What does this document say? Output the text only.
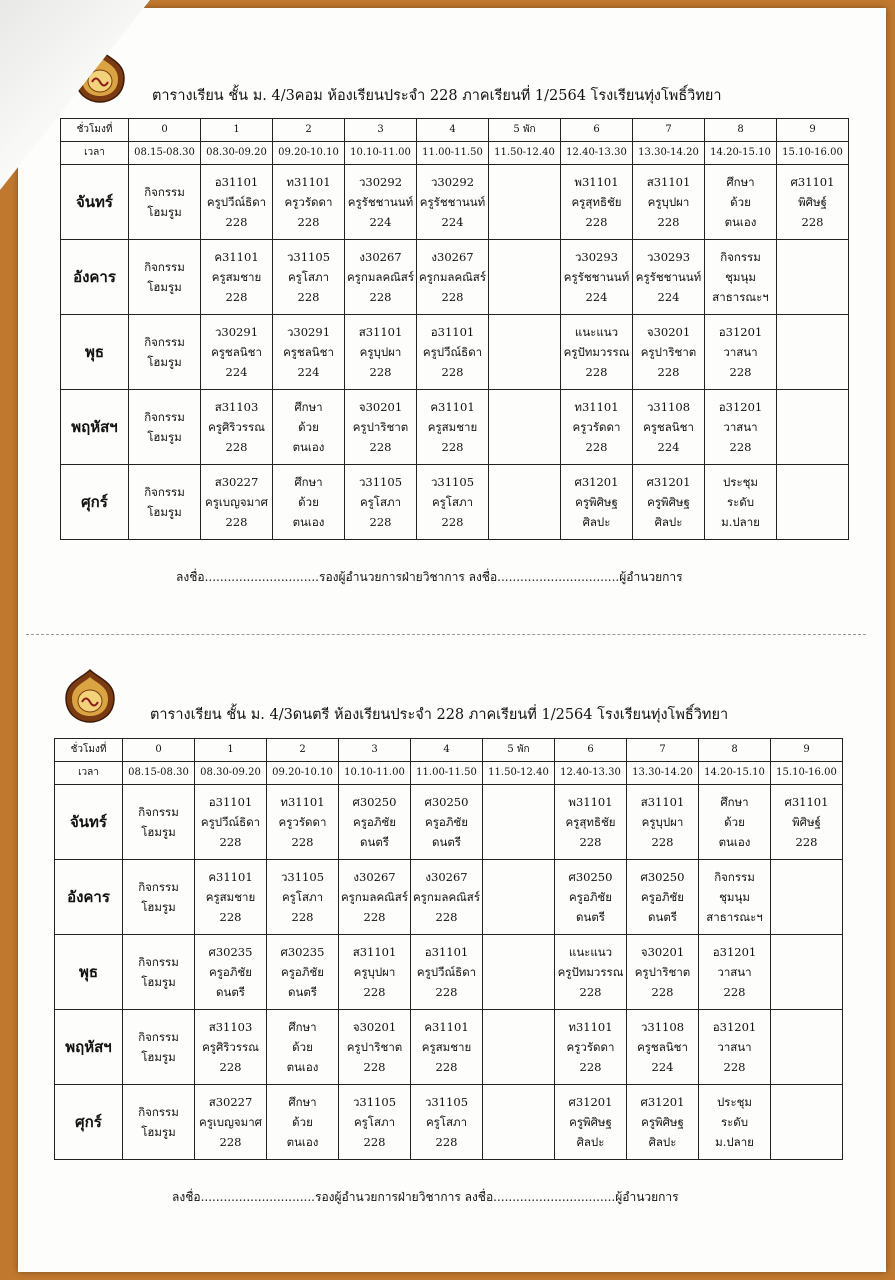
ตารางเรียน ชั้น ม. 4/3คอม ห้องเรียนประจำ 228 ภาคเรียนที่ 1/2564 โรงเรียนทุ่งโพธิ์วิทยา
ชั่วโมงที่	0	1	2	3	4	5 พัก	6	7	8	9
เวลา	08.15-08.30	08.30-09.20	09.20-10.10	10.10-11.00	11.00-11.50	11.50-12.40	12.40-13.30	13.30-14.20	14.20-15.10	15.10-16.00
จันทร์	กิจกรรม
โฮมรูม	อ31101
ครูปวีณ์ธิดา
228	ท31101
ครูวรัดดา
228	ว30292
ครูรัชชานนท์
224	ว30292
ครูรัชชานนท์
224		พ31101
ครูสุทธิชัย
228	ส31101
ครูบุปผา
228	ศึกษา
ด้วย
ตนเอง	ศ31101
พิศิษฐ์
228

อังคาร	กิจกรรม
โฮมรูม	ค31101
ครูสมชาย
228	ว31105
ครูโสภา
228	ง30267
ครูกมลคณิสร์
228	ง30267
ครูกมลคณิสร์
228		ว30293
ครูรัชชานนท์
224	ว30293
ครูรัชชานนท์
224	กิจกรรม
ชุมนุม
สาธารณะฯ	

พุธ	กิจกรรม
โฮมรูม	ว30291
ครูชลนิชา
224	ว30291
ครูชลนิชา
224	ส31101
ครูบุปผา
228	อ31101
ครูปวีณ์ธิดา
228		แนะแนว
ครูปัทมวรรณ
228	จ30201
ครูปาริชาต
228	อ31201
วาสนา
228	

พฤหัสฯ	กิจกรรม
โฮมรูม	ส31103
ครูศิริวรรณ
228	ศึกษา
ด้วย
ตนเอง	จ30201
ครูปาริชาต
228	ค31101
ครูสมชาย
228		ท31101
ครูวรัดดา
228	ว31108
ครูชลนิชา
224	อ31201
วาสนา
228	

ศุกร์	กิจกรรม
โฮมรูม	ส30227
ครูเบญจมาศ
228	ศึกษา
ด้วย
ตนเอง	ว31105
ครูโสภา
228	ว31105
ครูโสภา
228		ศ31201
ครูพิศิษฐ
ศิลปะ	ศ31201
ครูพิศิษฐ
ศิลปะ	ประชุม
ระดับ
ม.ปลาย	

ลงชื่อ..............................รองผู้อำนวยการฝ่ายวิชาการ ลงชื่อ................................ผู้อำนวยการ
ตารางเรียน ชั้น ม. 4/3ดนตรี ห้องเรียนประจำ 228 ภาคเรียนที่ 1/2564 โรงเรียนทุ่งโพธิ์วิทยา
ชั่วโมงที่	0	1	2	3	4	5 พัก	6	7	8	9
เวลา	08.15-08.30	08.30-09.20	09.20-10.10	10.10-11.00	11.00-11.50	11.50-12.40	12.40-13.30	13.30-14.20	14.20-15.10	15.10-16.00
จันทร์	กิจกรรม
โฮมรูม	อ31101
ครูปวีณ์ธิดา
228	ท31101
ครูวรัดดา
228	ศ30250
ครูอภิชัย
ดนตรี	ศ30250
ครูอภิชัย
ดนตรี		พ31101
ครูสุทธิชัย
228	ส31101
ครูบุปผา
228	ศึกษา
ด้วย
ตนเอง	ศ31101
พิศิษฐ์
228

อังคาร	กิจกรรม
โฮมรูม	ค31101
ครูสมชาย
228	ว31105
ครูโสภา
228	ง30267
ครูกมลคณิสร์
228	ง30267
ครูกมลคณิสร์
228		ศ30250
ครูอภิชัย
ดนตรี	ศ30250
ครูอภิชัย
ดนตรี	กิจกรรม
ชุมนุม
สาธารณะฯ	

พุธ	กิจกรรม
โฮมรูม	ศ30235
ครูอภิชัย
ดนตรี	ศ30235
ครูอภิชัย
ดนตรี	ส31101
ครูบุปผา
228	อ31101
ครูปวีณ์ธิดา
228		แนะแนว
ครูปัทมวรรณ
228	จ30201
ครูปาริชาต
228	อ31201
วาสนา
228	

พฤหัสฯ	กิจกรรม
โฮมรูม	ส31103
ครูศิริวรรณ
228	ศึกษา
ด้วย
ตนเอง	จ30201
ครูปาริชาต
228	ค31101
ครูสมชาย
228		ท31101
ครูวรัดดา
228	ว31108
ครูชลนิชา
224	อ31201
วาสนา
228	

ศุกร์	กิจกรรม
โฮมรูม	ส30227
ครูเบญจมาศ
228	ศึกษา
ด้วย
ตนเอง	ว31105
ครูโสภา
228	ว31105
ครูโสภา
228		ศ31201
ครูพิศิษฐ
ศิลปะ	ศ31201
ครูพิศิษฐ
ศิลปะ	ประชุม
ระดับ
ม.ปลาย	

ลงชื่อ..............................รองผู้อำนวยการฝ่ายวิชาการ ลงชื่อ................................ผู้อำนวยการ
